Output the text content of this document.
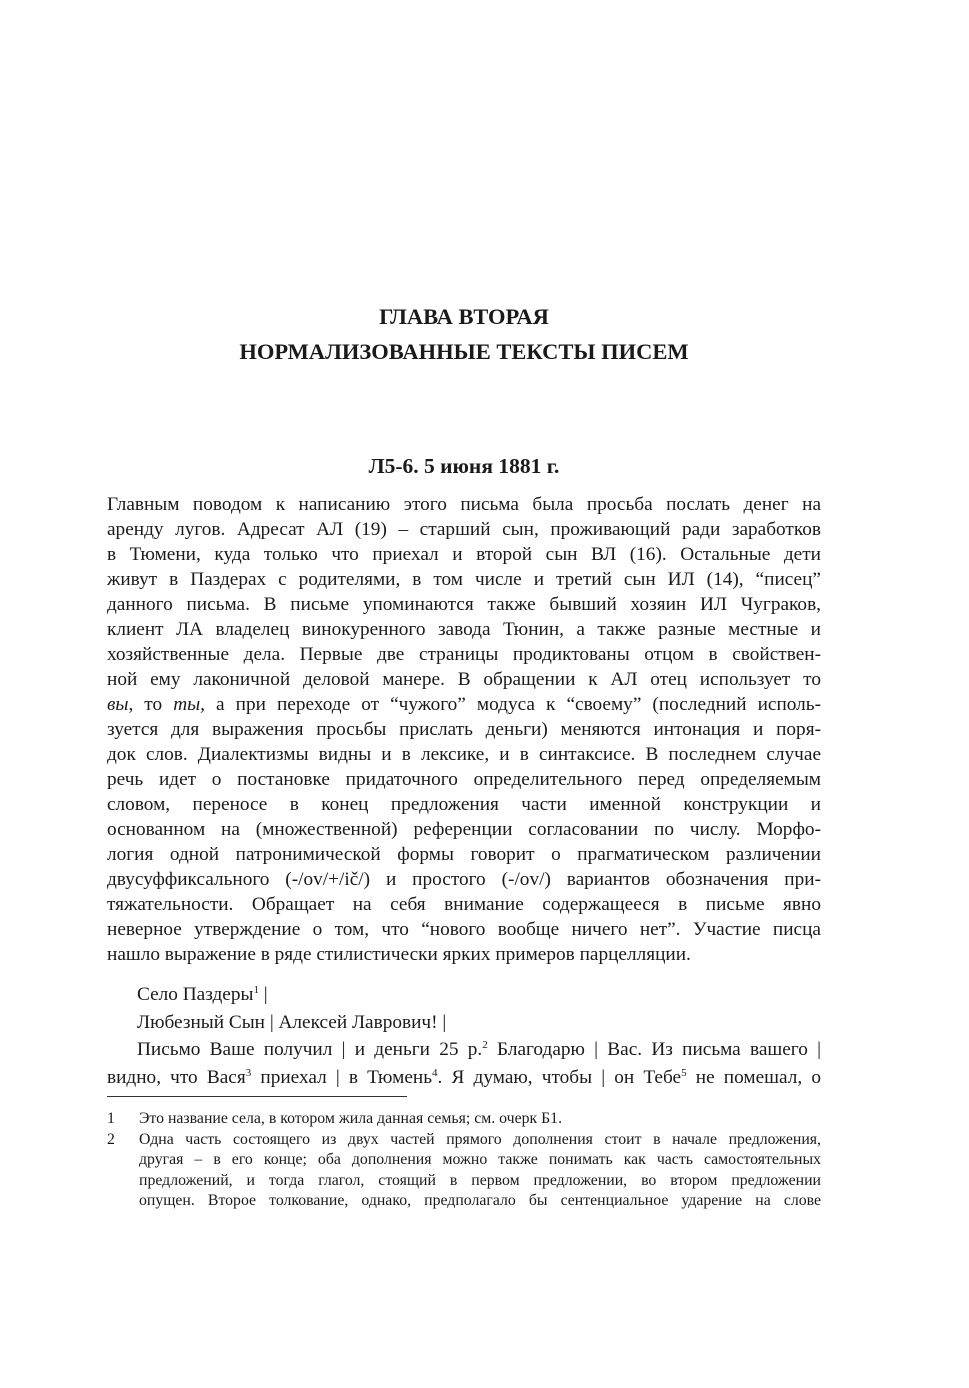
ГЛАВА ВТОРАЯ
НОРМАЛИЗОВАННЫЕ ТЕКСТЫ ПИСЕМ
Л5-6. 5 июня 1881 г.
Главным поводом к написанию этого письма была просьба послать денег на
аренду лугов. Адресат АЛ (19) – старший сын, проживающий ради заработков
в Тюмени, куда только что приехал и второй сын ВЛ (16). Остальные дети
живут в Паздерах с родителями, в том числе и третий сын ИЛ (14), “писец”
данного письма. В письме упоминаются также бывший хозяин ИЛ Чуграков,
клиент ЛА владелец винокуренного завода Тюнин, а также разные местные и
хозяйственные дела. Первые две страницы продиктованы отцом в свойствен-
ной ему лаконичной деловой манере. В обращении к АЛ отец использует то
вы, то ты, а при переходе от “чужого” модуса к “своему” (последний исполь-
зуется для выражения просьбы прислать деньги) меняются интонация и поря-
док слов. Диалектизмы видны и в лексике, и в синтаксисе. В последнем случае
речь идет о постановке придаточного определительного перед определяемым
словом, переносе в конец предложения части именной конструкции и
основанном на (множественной) референции согласовании по числу. Морфо-
логия одной патронимической формы говорит о прагматическом различении
двусуффиксального (-/ov/+/ič/) и простого (-/ov/) вариантов обозначения при-
тяжательности. Обращает на себя внимание содержащееся в письме явно
неверное утверждение о том, что “нового вообще ничего нет”. Участие писца
нашло выражение в ряде стилистически ярких примеров парцелляции.
Село Паздеры$^1$ |
Любезный Сын | Алексей Лаврович! |
Письмо Ваше получил | и деньги 25 р.$^2$ Благодарю | Вас. Из письма вашего |
видно, что Вася$^3$ приехал | в Тюмень$^4$. Я думаю, чтобы | он Тебе$^5$ не помешал, о
1	Это название села, в котором жила данная семья; см. очерк Б1.
2	Одна часть состоящего из двух частей прямого дополнения стоит в начале предложения,
другая – в его конце; оба дополнения можно также понимать как часть самостоятельных
предложений, и тогда глагол, стоящий в первом предложении, во втором предложении
опущен. Второе толкование, однако, предполагало бы сентенциальное ударение на слове
